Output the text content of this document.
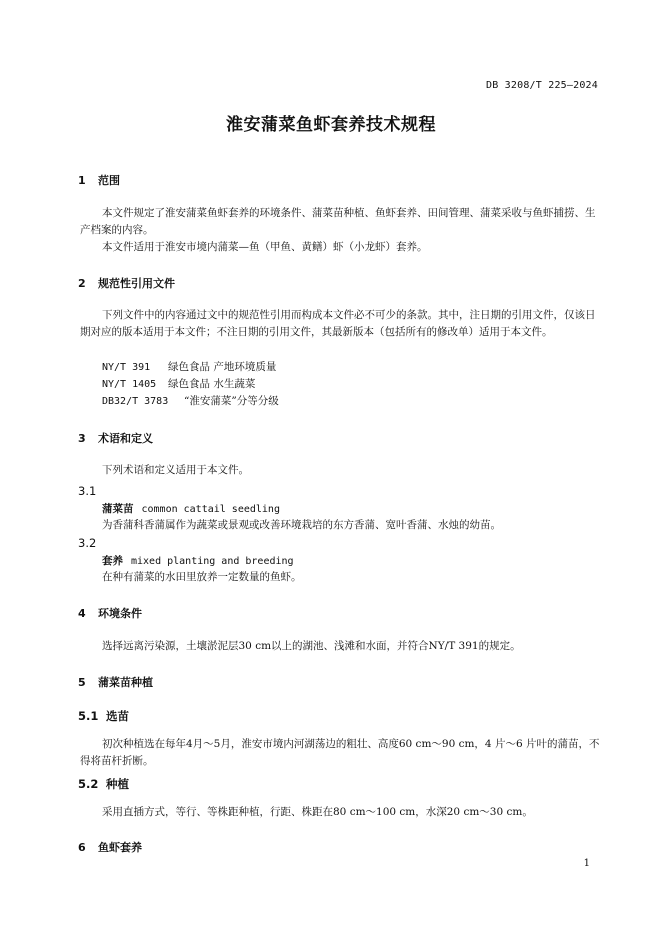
DB 3208/T 225—2024
淮安蒲菜鱼虾套养技术规程
1 范围
本文件规定了淮安蒲菜鱼虾套养的环境条件、蒲菜苗种植、鱼虾套养、田间管理、蒲菜采收与鱼虾捕捞、生产档案的内容。
本文件适用于淮安市境内蒲菜—鱼（甲鱼、黄鳝）虾（小龙虾）套养。
2 规范性引用文件
下列文件中的内容通过文中的规范性引用而构成本文件必不可少的条款。其中，注日期的引用文件，仅该日期对应的版本适用于本文件；不注日期的引用文件，其最新版本（包括所有的修改单）适用于本文件。
NY/T 391 绿色食品 产地环境质量
NY/T 1405 绿色食品 水生蔬菜
DB32/T 3783 “淮安蒲菜”分等分级
3 术语和定义
下列术语和定义适用于本文件。
3.1
蒲菜苗 common cattail seedling
为香蒲科香蒲属作为蔬菜或景观或改善环境栽培的东方香蒲、宽叶香蒲、水烛的幼苗。
3.2
套养 mixed planting and breeding
在种有蒲菜的水田里放养一定数量的鱼虾。
4 环境条件
选择远离污染源，土壤淤泥层30 cm以上的湖池、浅滩和水面，并符合NY/T 391的规定。
5 蒲菜苗种植
5.1 选苗
初次种植选在每年4月～5月，淮安市境内河湖荡边的粗壮、高度60 cm～90 cm，4 片～6 片叶的蒲苗，不得将苗杆折断。
5.2 种植
采用直插方式，等行、等株距种植，行距、株距在80 cm～100 cm，水深20 cm～30 cm。
6 鱼虾套养
1
